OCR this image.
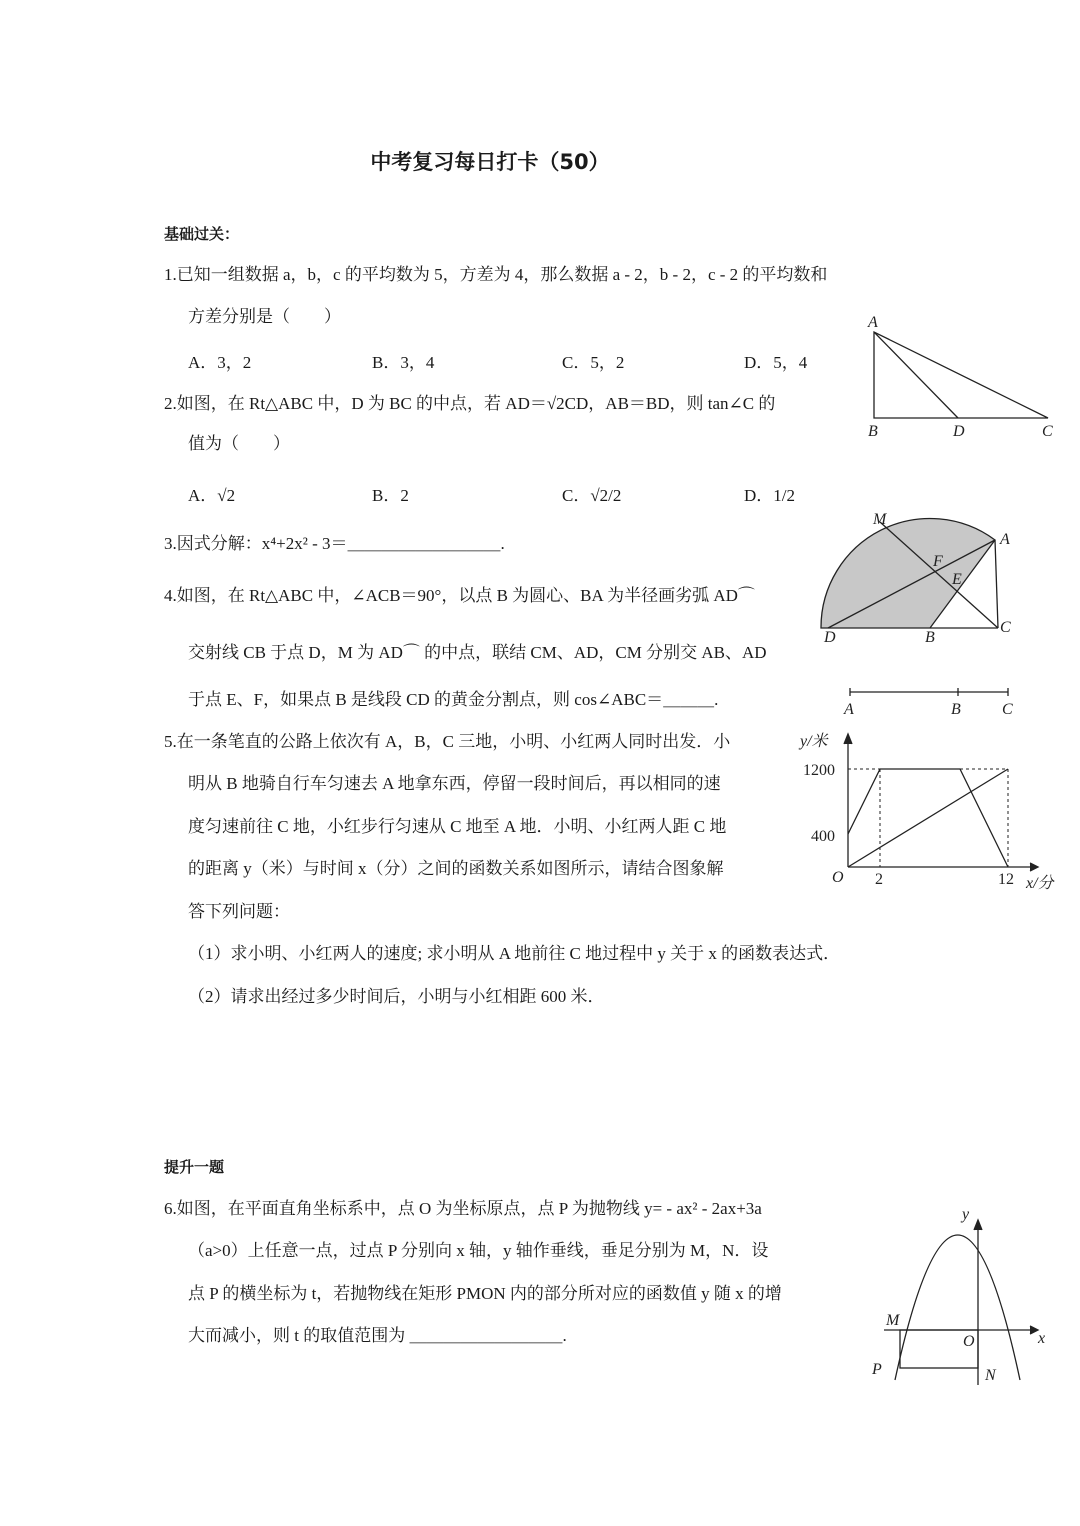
中考复习每日打卡（50）
基础过关：
1.已知一组数据 a，b，c 的平均数为 5，方差为 4，那么数据 a - 2，b - 2，c - 2 的平均数和
方差分别是（　　）
A．3，2	B．3，4	C．5，2	D．5，4
2.如图，在 Rt△ABC 中，D 为 BC 的中点，若 AD＝√2CD，AB＝BD，则 tan∠C 的
值为（　　）
A．√2	B．2	C．√2/2	D．1/2
3.因式分解：x⁴+2x² - 3＝＿＿＿＿＿＿＿＿＿.
4.如图，在 Rt△ABC 中，∠ACB＝90°，以点 B 为圆心、BA 为半径画劣弧 AD⌒
交射线 CB 于点 D，M 为 AD⌒ 的中点，联结 CM、AD，CM 分别交 AB、AD
于点 E、F，如果点 B 是线段 CD 的黄金分割点，则 cos∠ABC＝＿＿＿.
5.在一条笔直的公路上依次有 A，B，C 三地，小明、小红两人同时出发．小
明从 B 地骑自行车匀速去 A 地拿东西，停留一段时间后，再以相同的速
度匀速前往 C 地，小红步行匀速从 C 地至 A 地．小明、小红两人距 C 地
的距离 y（米）与时间 x（分）之间的函数关系如图所示，请结合图象解
答下列问题：
（1）求小明、小红两人的速度; 求小明从 A 地前往 C 地过程中 y 关于 x 的函数表达式．
（2）请求出经过多少时间后，小明与小红相距 600 米．
提升一题
6.如图，在平面直角坐标系中，点 O 为坐标原点，点 P 为抛物线 y= - ax² - 2ax+3a
（a>0）上任意一点，过点 P 分别向 x 轴，y 轴作垂线，垂足分别为 M，N．设
点 P 的横坐标为 t，若抛物线在矩形 PMON 内的部分所对应的函数值 y 随 x 的增
大而减小，则 t 的取值范围为 ＿＿＿＿＿＿＿＿＿.
A
B	D	C
M
A
F
E
D	B
C
A	B	C
y/米
x/分
O
1200
400
2	12
y
x
M
O
P	N
